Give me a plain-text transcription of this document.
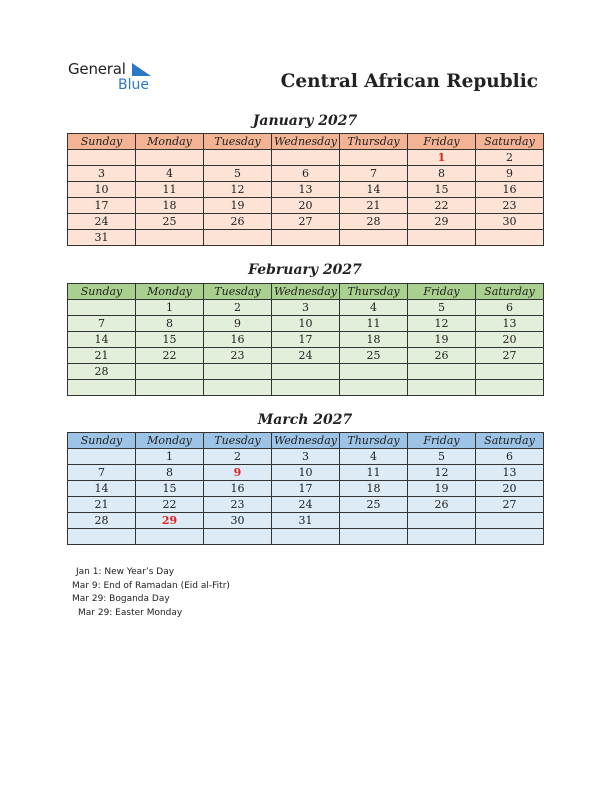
General
Blue	Central African Republic
January 2027
Sunday	Monday	Tuesday	Wednesday	Thursday	Friday	Saturday
					1	2
3	4	5	6	7	8	9
10	11	12	13	14	15	16
17	18	19	20	21	22	23
24	25	26	27	28	29	30
31						
February 2027
Sunday	Monday	Tuesday	Wednesday	Thursday	Friday	Saturday
	1	2	3	4	5	6
7	8	9	10	11	12	13
14	15	16	17	18	19	20
21	22	23	24	25	26	27
28						

March 2027
Sunday	Monday	Tuesday	Wednesday	Thursday	Friday	Saturday
	1	2	3	4	5	6
7	8	9	10	11	12	13
14	15	16	17	18	19	20
21	22	23	24	25	26	27
28	29	30	31			

Jan 1: New Year’s Day
Mar 9: End of Ramadan (Eid al-Fitr)
Mar 29: Boganda Day
Mar 29: Easter Monday
